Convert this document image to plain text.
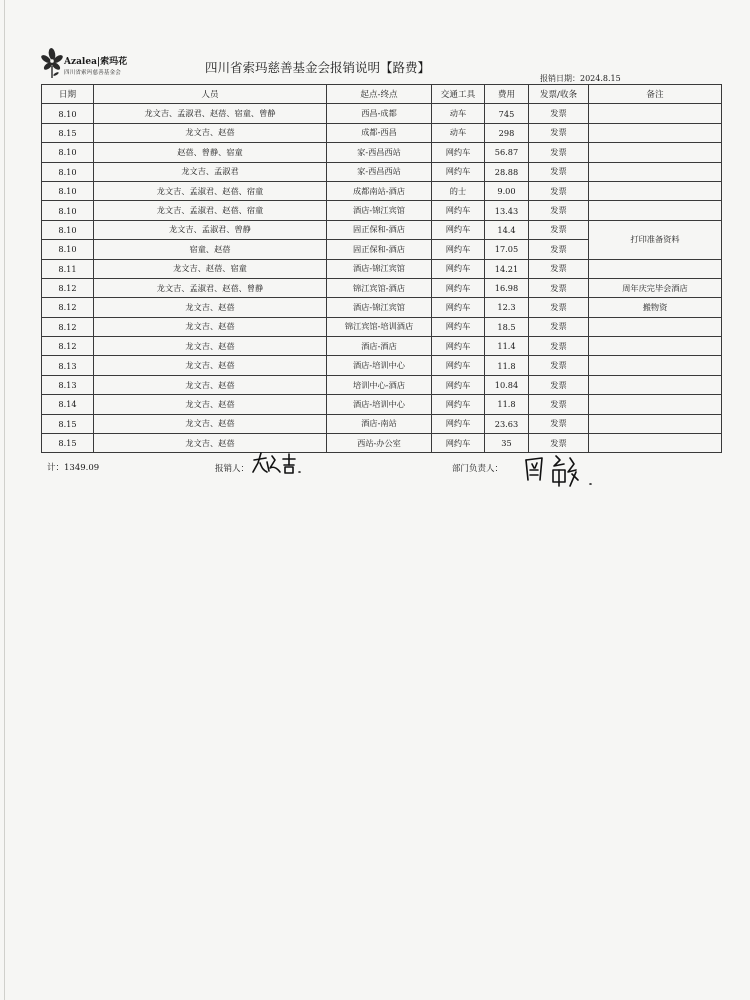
Azalea|索玛花
四川省索玛慈善基金会	四川省索玛慈善基金会报销说明【路费】
报销日期：2024.8.15
日期	人员	起点-终点	交通工具	费用	发票/收条	备注
8.10	龙文吉、孟淑君、赵蓓、宿童、曾静	西昌-成都	动车	745	发票	
8.15	龙文吉、赵蓓	成都-西昌	动车	298	发票	
8.10	赵蓓、曾静、宿童	家-西昌西站	网约车	56.87	发票	
8.10	龙文吉、孟淑君	家-西昌西站	网约车	28.88	发票	
8.10	龙文吉、孟淑君、赵蓓、宿童	成都南站-酒店	的士	9.00	发票	
8.10	龙文吉、孟淑君、赵蓓、宿童	酒店-锦江宾馆	网约车	13.43	发票	
8.10	龙文吉、孟淑君、曾静	固正保和-酒店	网约车	14.4	发票	打印准备资料
8.10	宿童、赵蓓	固正保和-酒店	网约车	17.05	发票	
8.11	龙文吉、赵蓓、宿童	酒店-锦江宾馆	网约车	14.21	发票	
8.12	龙文吉、孟淑君、赵蓓、曾静	锦江宾馆-酒店	网约车	16.98	发票	周年庆完毕会酒店
8.12	龙文吉、赵蓓	酒店-锦江宾馆	网约车	12.3	发票	搬物资
8.12	龙文吉、赵蓓	锦江宾馆-培训酒店	网约车	18.5	发票	
8.12	龙文吉、赵蓓	酒店-酒店	网约车	11.4	发票	
8.13	龙文吉、赵蓓	酒店-培训中心	网约车	11.8	发票	
8.13	龙文吉、赵蓓	培训中心-酒店	网约车	10.84	发票	
8.14	龙文吉、赵蓓	酒店-培训中心	网约车	11.8	发票	
8.15	龙文吉、赵蓓	酒店-南站	网约车	23.63	发票	
8.15	龙文吉、赵蓓	西站-办公室	网约车	35	发票	
计：1349.09	报销人：	部门负责人：
